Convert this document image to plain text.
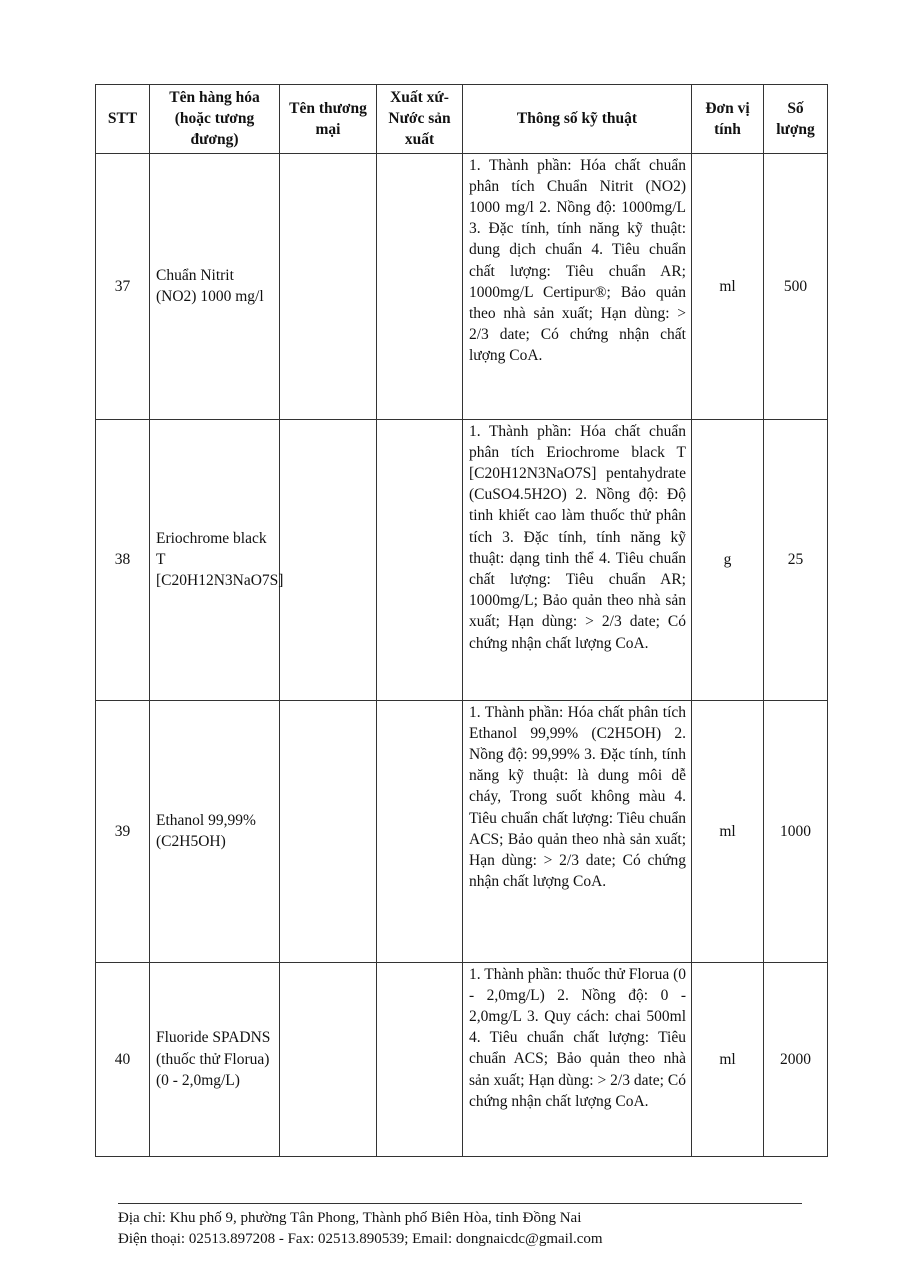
STT	Tên hàng hóa (hoặc tương đương)	Tên thương mại	Xuất xứ- Nước sản xuất	Thông số kỹ thuật	Đơn vị tính	Số lượng
37	Chuẩn Nitrit (NO2) 1000 mg/l			1. Thành phần: Hóa chất chuẩn phân tích Chuẩn Nitrit (NO2) 1000 mg/l 2. Nồng độ: 1000mg/L 3. Đặc tính, tính năng kỹ thuật: dung dịch chuẩn 4. Tiêu chuẩn chất lượng: Tiêu chuẩn AR; 1000mg/L Certipur®; Bảo quản theo nhà sản xuất; Hạn dùng: > 2/3 date; Có chứng nhận chất lượng CoA.	ml	500
38	Eriochrome black T [C20H12N3NaO7S]			1. Thành phần: Hóa chất chuẩn phân tích Eriochrome black T [C20H12N3NaO7S] pentahydrate (CuSO4.5H2O) 2. Nồng độ: Độ tinh khiết cao làm thuốc thử phân tích 3. Đặc tính, tính năng kỹ thuật: dạng tinh thể 4. Tiêu chuẩn chất lượng: Tiêu chuẩn AR; 1000mg/L; Bảo quản theo nhà sản xuất; Hạn dùng: > 2/3 date; Có chứng nhận chất lượng CoA.	g	25
39	Ethanol 99,99%(C2H5OH)			1. Thành phần: Hóa chất phân tích Ethanol 99,99% (C2H5OH) 2. Nồng độ: 99,99% 3. Đặc tính, tính năng kỹ thuật: là dung môi dễ cháy, Trong suốt không màu 4. Tiêu chuẩn chất lượng: Tiêu chuẩn ACS; Bảo quản theo nhà sản xuất; Hạn dùng: > 2/3 date; Có chứng nhận chất lượng CoA.	ml	1000
40	Fluoride SPADNS (thuốc thử Florua) (0 - 2,0mg/L)			1. Thành phần: thuốc thử Florua (0 - 2,0mg/L) 2. Nồng độ: 0 - 2,0mg/L 3. Quy cách: chai 500ml 4. Tiêu chuẩn chất lượng: Tiêu chuẩn ACS; Bảo quản theo nhà sản xuất; Hạn dùng: > 2/3 date; Có chứng nhận chất lượng CoA.	ml	2000
Địa chỉ: Khu phố 9, phường Tân Phong, Thành phố Biên Hòa, tỉnh Đồng Nai
Điện thoại: 02513.897208 - Fax: 02513.890539; Email: dongnaicdc@gmail.com
